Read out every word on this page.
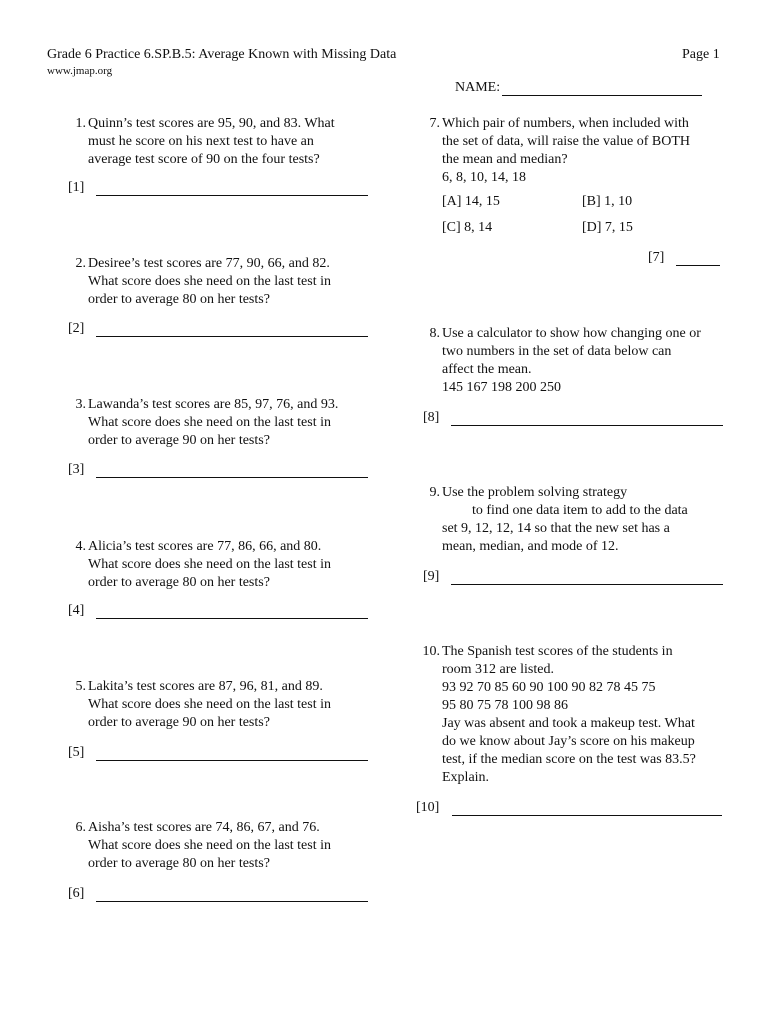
Grade 6 Practice 6.SP.B.5: Average Known with Missing Data
www.jmap.org
Page 1
NAME:
1. Quinn’s test scores are 95, 90, and 83. What
must he score on his next test to have an
average test score of 90 on the four tests?
[1]
2. Desiree’s test scores are 77, 90, 66, and 82.
What score does she need on the last test in
order to average 80 on her tests?
[2]
3. Lawanda’s test scores are 85, 97, 76, and 93.
What score does she need on the last test in
order to average 90 on her tests?
[3]
4. Alicia’s test scores are 77, 86, 66, and 80.
What score does she need on the last test in
order to average 80 on her tests?
[4]
5. Lakita’s test scores are 87, 96, 81, and 89.
What score does she need on the last test in
order to average 90 on her tests?
[5]
6. Aisha’s test scores are 74, 86, 67, and 76.
What score does she need on the last test in
order to average 80 on her tests?
[6]
7. Which pair of numbers, when included with
the set of data, will raise the value of BOTH
the mean and median?
6, 8, 10, 14, 18
[A] 14, 15	[B] 1, 10
[C] 8, 14	[D] 7, 15
[7]
8. Use a calculator to show how changing one or
two numbers in the set of data below can
affect the mean.
145 167 198 200 250
[8]
9. Use the problem solving strategy
to find one data item to add to the data
set 9, 12, 12, 14 so that the new set has a
mean, median, and mode of 12.
[9]
10. The Spanish test scores of the students in
room 312 are listed.
93 92 70 85 60 90 100 90 82 78 45 75
95 80 75 78 100 98 86
Jay was absent and took a makeup test. What
do we know about Jay’s score on his makeup
test, if the median score on the test was 83.5?
Explain.
[10]
